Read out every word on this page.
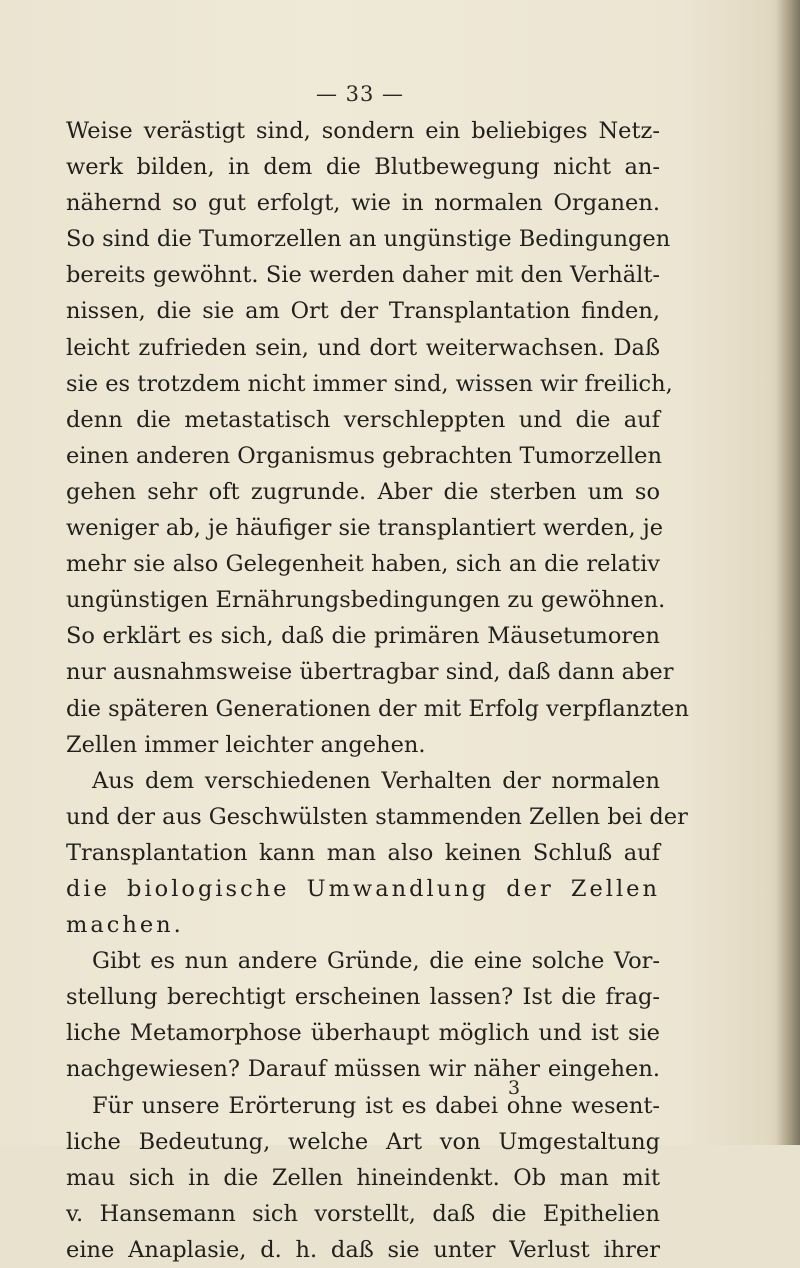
— 33 —
Weise verästigt sind, sondern ein beliebiges Netz-
werk bilden, in dem die Blutbewegung nicht an-
nähernd so gut erfolgt, wie in normalen Organen.
So sind die Tumorzellen an ungünstige Bedingungen
bereits gewöhnt. Sie werden daher mit den Verhält-
nissen, die sie am Ort der Transplantation finden,
leicht zufrieden sein, und dort weiterwachsen. Daß
sie es trotzdem nicht immer sind, wissen wir freilich,
denn die metastatisch verschleppten und die auf
einen anderen Organismus gebrachten Tumorzellen
gehen sehr oft zugrunde. Aber die sterben um so
weniger ab, je häufiger sie transplantiert werden, je
mehr sie also Gelegenheit haben, sich an die relativ
ungünstigen Ernährungsbedingungen zu gewöhnen.
So erklärt es sich, daß die primären Mäusetumoren
nur ausnahmsweise übertragbar sind, daß dann aber
die späteren Generationen der mit Erfolg verpflanzten
Zellen immer leichter angehen.
Aus dem verschiedenen Verhalten der normalen
und der aus Geschwülsten stammenden Zellen bei der
Transplantation kann man also keinen Schluß auf
die biologische Umwandlung der Zellen
machen.
Gibt es nun andere Gründe, die eine solche Vor-
stellung berechtigt erscheinen lassen? Ist die frag-
liche Metamorphose überhaupt möglich und ist sie
nachgewiesen? Darauf müssen wir näher eingehen.
Für unsere Erörterung ist es dabei ohne wesent-
liche Bedeutung, welche Art von Umgestaltung
mau sich in die Zellen hineindenkt. Ob man mit
v. Hansemann sich vorstellt, daß die Epithelien
eine Anaplasie, d. h. daß sie unter Verlust ihrer
3
